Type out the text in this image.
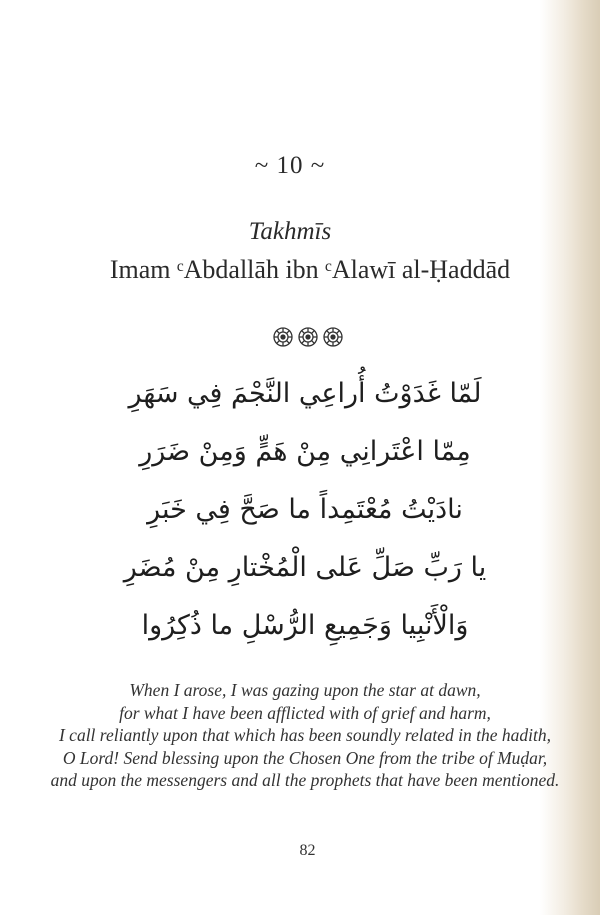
~ 10 ~
Takhmīs
Imam ᶜAbdallāh ibn ᶜAlawī al-Ḥaddād
لَمّا غَدَوْتُ أُراعِي النَّجْمَ فِي سَهَرِ
مِمّا اعْتَرانِي مِنْ هَمٍّ وَمِنْ ضَرَرِ
نادَيْتُ مُعْتَمِداً ما صَحَّ فِي خَبَرِ
يا رَبِّ صَلِّ عَلى الْمُخْتارِ مِنْ مُضَرِ
وَالْأَنْبِيا وَجَمِيعِ الرُّسْلِ ما ذُكِرُوا
When I arose, I was gazing upon the star at dawn,
for what I have been afflicted with of grief and harm,
I call reliantly upon that which has been soundly related in the hadith,
O Lord! Send blessing upon the Chosen One from the tribe of Muḍar,
and upon the messengers and all the prophets that have been mentioned.
82
